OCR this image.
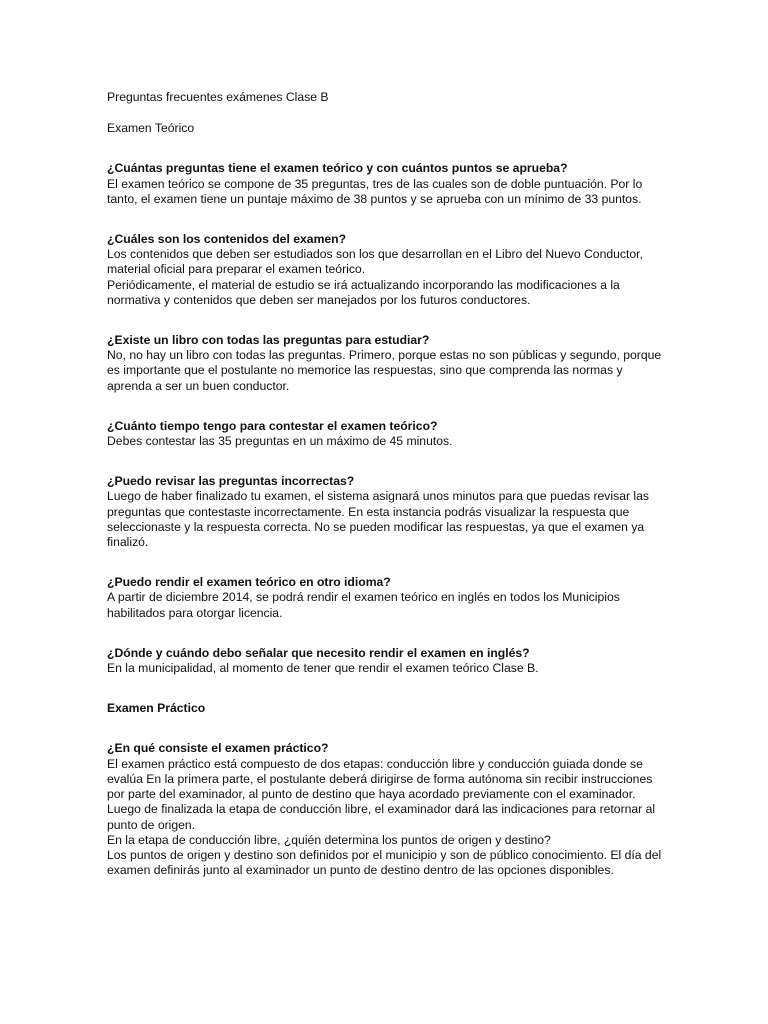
Preguntas frecuentes exámenes Clase B
Examen Teórico
¿Cuántas preguntas tiene el examen teórico y con cuántos puntos se aprueba?
El examen teórico se compone de 35 preguntas, tres de las cuales son de doble puntuación. Por lo tanto, el examen tiene un puntaje máximo de 38 puntos y se aprueba con un mínimo de 33 puntos.
¿Cuáles son los contenidos del examen?
Los contenidos que deben ser estudiados son los que desarrollan en el Libro del Nuevo Conductor, material oficial para preparar el examen teórico.
Periódicamente, el material de estudio se irá actualizando incorporando las modificaciones a la normativa y contenidos que deben ser manejados por los futuros conductores.
¿Existe un libro con todas las preguntas para estudiar?
No, no hay un libro con todas las preguntas. Primero, porque estas no son públicas y segundo, porque es importante que el postulante no memorice las respuestas, sino que comprenda las normas y aprenda a ser un buen conductor.
¿Cuánto tiempo tengo para contestar el examen teórico?
Debes contestar las 35 preguntas en un máximo de 45 minutos.
¿Puedo revisar las preguntas incorrectas?
Luego de haber finalizado tu examen, el sistema asignará unos minutos para que puedas revisar las preguntas que contestaste incorrectamente. En esta instancia podrás visualizar la respuesta que seleccionaste y la respuesta correcta. No se pueden modificar las respuestas, ya que el examen ya finalizó.
¿Puedo rendir el examen teórico en otro idioma?
A partir de diciembre 2014, se podrá rendir el examen teórico en inglés en todos los Municipios habilitados para otorgar licencia.
¿Dónde y cuándo debo señalar que necesito rendir el examen en inglés?
En la municipalidad, al momento de tener que rendir el examen teórico Clase B.
Examen Práctico
¿En qué consiste el examen práctico?
El examen práctico está compuesto de dos etapas: conducción libre y conducción guiada donde se evalúa En la primera parte, el postulante deberá dirigirse de forma autónoma sin recibir instrucciones por parte del examinador, al punto de destino que haya acordado previamente con el examinador.
Luego de finalizada la etapa de conducción libre, el examinador dará las indicaciones para retornar al punto de origen.
En la etapa de conducción libre, ¿quién determina los puntos de origen y destino?
Los puntos de origen y destino son definidos por el municipio y son de público conocimiento. El día del examen definirás junto al examinador un punto de destino dentro de las opciones disponibles.
